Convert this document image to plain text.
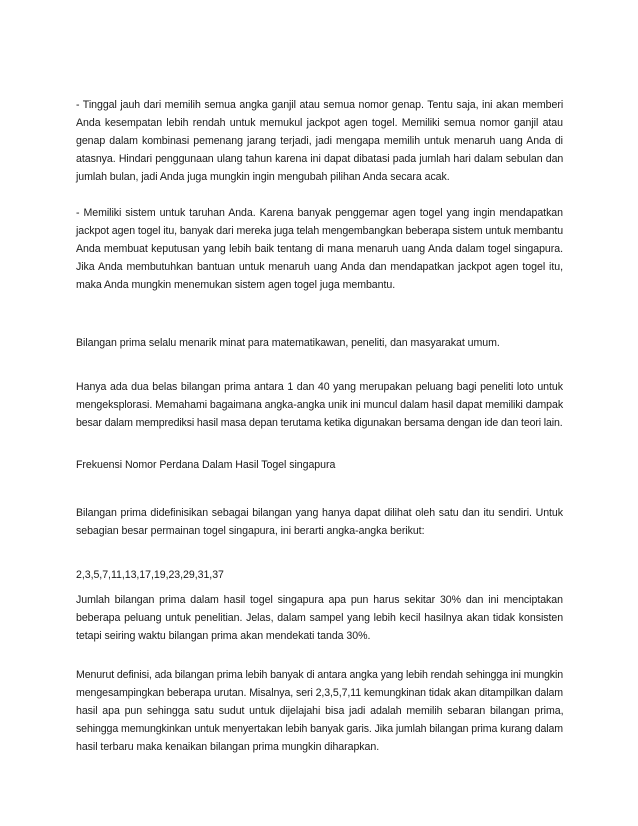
- Tinggal jauh dari memilih semua angka ganjil atau semua nomor genap. Tentu saja, ini akan memberi
Anda kesempatan lebih rendah untuk memukul jackpot agen togel. Memiliki semua nomor ganjil atau
genap dalam kombinasi pemenang jarang terjadi, jadi mengapa memilih untuk menaruh uang Anda di
atasnya. Hindari penggunaan ulang tahun karena ini dapat dibatasi pada jumlah hari dalam sebulan dan
jumlah bulan, jadi Anda juga mungkin ingin mengubah pilihan Anda secara acak.
- Memiliki sistem untuk taruhan Anda. Karena banyak penggemar agen togel yang ingin mendapatkan
jackpot agen togel itu, banyak dari mereka juga telah mengembangkan beberapa sistem untuk membantu
Anda membuat keputusan yang lebih baik tentang di mana menaruh uang Anda dalam togel singapura.
Jika Anda membutuhkan bantuan untuk menaruh uang Anda dan mendapatkan jackpot agen togel itu,
maka Anda mungkin menemukan sistem agen togel juga membantu.
Bilangan prima selalu menarik minat para matematikawan, peneliti, dan masyarakat umum.
Hanya ada dua belas bilangan prima antara 1 dan 40 yang merupakan peluang bagi peneliti loto untuk
mengeksplorasi. Memahami bagaimana angka-angka unik ini muncul dalam hasil dapat memiliki dampak
besar dalam memprediksi hasil masa depan terutama ketika digunakan bersama dengan ide dan teori lain.
Frekuensi Nomor Perdana Dalam Hasil Togel singapura
Bilangan prima didefinisikan sebagai bilangan yang hanya dapat dilihat oleh satu dan itu sendiri. Untuk
sebagian besar permainan togel singapura, ini berarti angka-angka berikut:
2,3,5,7,11,13,17,19,23,29,31,37
Jumlah bilangan prima dalam hasil togel singapura apa pun harus sekitar 30% dan ini menciptakan
beberapa peluang untuk penelitian. Jelas, dalam sampel yang lebih kecil hasilnya akan tidak konsisten
tetapi seiring waktu bilangan prima akan mendekati tanda 30%.
Menurut definisi, ada bilangan prima lebih banyak di antara angka yang lebih rendah sehingga ini mungkin
mengesampingkan beberapa urutan. Misalnya, seri 2,3,5,7,11 kemungkinan tidak akan ditampilkan dalam
hasil apa pun sehingga satu sudut untuk dijelajahi bisa jadi adalah memilih sebaran bilangan prima,
sehingga memungkinkan untuk menyertakan lebih banyak garis. Jika jumlah bilangan prima kurang dalam
hasil terbaru maka kenaikan bilangan prima mungkin diharapkan.
